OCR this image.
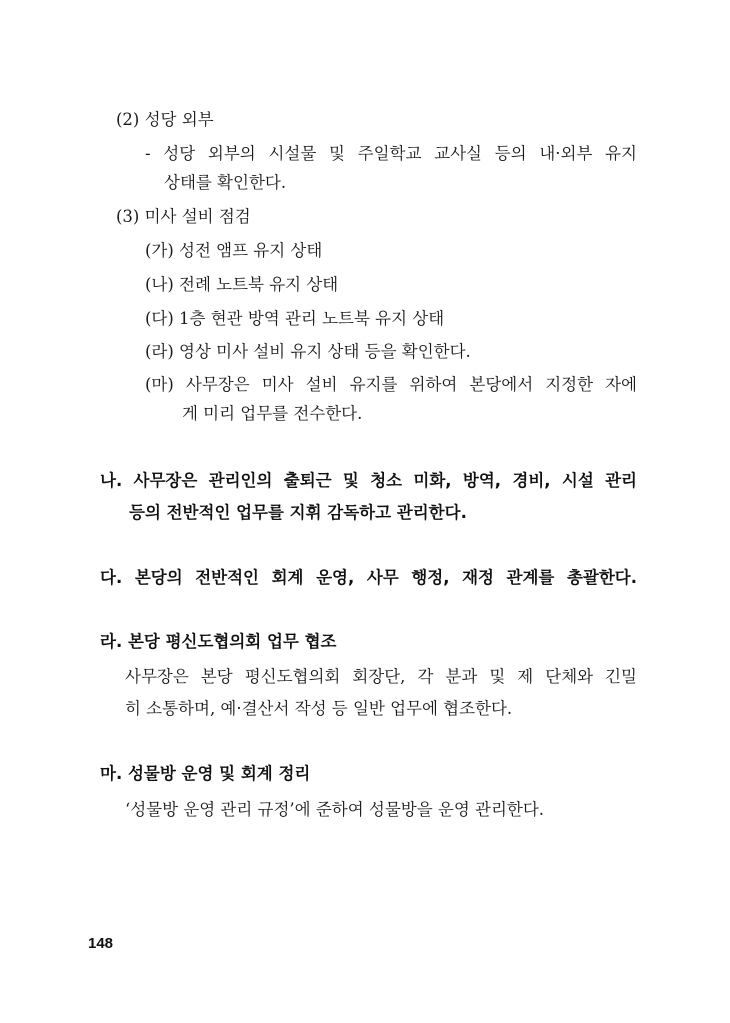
(2) 성당 외부
- 성당 외부의 시설물 및 주일학교 교사실 등의 내·외부 유지
상태를 확인한다.
(3) 미사 설비 점검
(가) 성전 앰프 유지 상태
(나) 전례 노트북 유지 상태
(다) 1층 현관 방역 관리 노트북 유지 상태
(라) 영상 미사 설비 유지 상태 등을 확인한다.
(마) 사무장은 미사 설비 유지를 위하여 본당에서 지정한 자에
게 미리 업무를 전수한다.
나. 사무장은 관리인의 출퇴근 및 청소 미화, 방역, 경비, 시설 관리
등의 전반적인 업무를 지휘 감독하고 관리한다.
다. 본당의 전반적인 회계 운영, 사무 행정, 재정 관계를 총괄한다.
라. 본당 평신도협의회 업무 협조
사무장은 본당 평신도협의회 회장단, 각 분과 및 제 단체와 긴밀
히 소통하며, 예·결산서 작성 등 일반 업무에 협조한다.
마. 성물방 운영 및 회계 정리
‘성물방 운영 관리 규정’에 준하여 성물방을 운영 관리한다.
148
